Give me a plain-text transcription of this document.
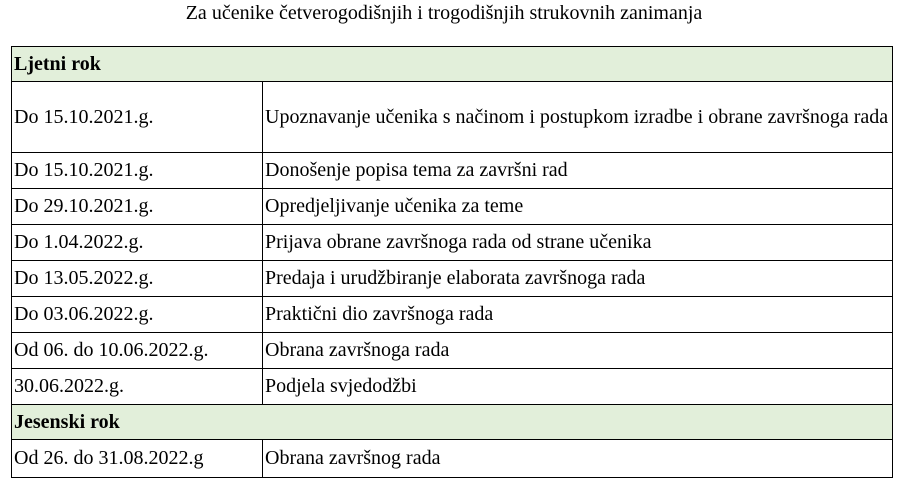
Za učenike četverogodišnjih i trogodišnjih strukovnih zanimanja
Ljetni rok	
Do 15.10.2021.g.	Upoznavanje učenika s načinom i postupkom izradbe i obrane završnoga rada
Do 15.10.2021.g.	Donošenje popisa tema za završni rad
Do 29.10.2021.g.	Opredjeljivanje učenika za teme
Do 1.04.2022.g.	Prijava obrane završnoga rada od strane učenika
Do 13.05.2022.g.	Predaja i urudžbiranje elaborata završnoga rada
Do 03.06.2022.g.	Praktični dio završnoga rada
Od 06. do 10.06.2022.g.	Obrana završnoga rada
30.06.2022.g.	Podjela svjedodžbi
Jesenski rok	
Od 26. do 31.08.2022.g	Obrana završnog rada
